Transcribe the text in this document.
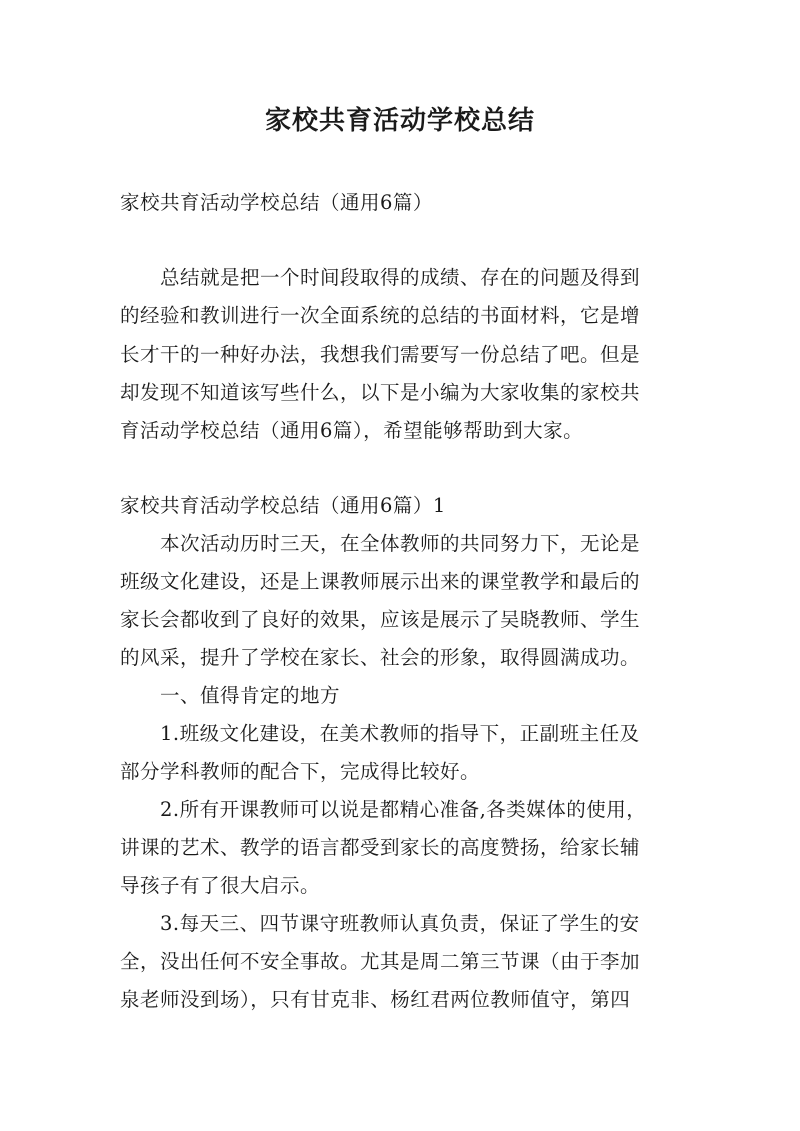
家校共育活动学校总结
家校共育活动学校总结（通用6篇）
　　总结就是把一个时间段取得的成绩、存在的问题及得到
的经验和教训进行一次全面系统的总结的书面材料，它是增
长才干的一种好办法，我想我们需要写一份总结了吧。但是
却发现不知道该写些什么，以下是小编为大家收集的家校共
育活动学校总结（通用6篇），希望能够帮助到大家。
家校共育活动学校总结（通用6篇）1
　　本次活动历时三天，在全体教师的共同努力下，无论是
班级文化建设，还是上课教师展示出来的课堂教学和最后的
家长会都收到了良好的效果，应该是展示了吴晓教师、学生
的风采，提升了学校在家长、社会的形象，取得圆满成功。
　　一、值得肯定的地方
　　1.班级文化建设，在美术教师的指导下，正副班主任及
部分学科教师的配合下，完成得比较好。
　　2.所有开课教师可以说是都精心准备,各类媒体的使用，
讲课的艺术、教学的语言都受到家长的高度赞扬，给家长辅
导孩子有了很大启示。
　　3.每天三、四节课守班教师认真负责，保证了学生的安
全，没出任何不安全事故。尤其是周二第三节课（由于李加
泉老师没到场），只有甘克非、杨红君两位教师值守，第四
